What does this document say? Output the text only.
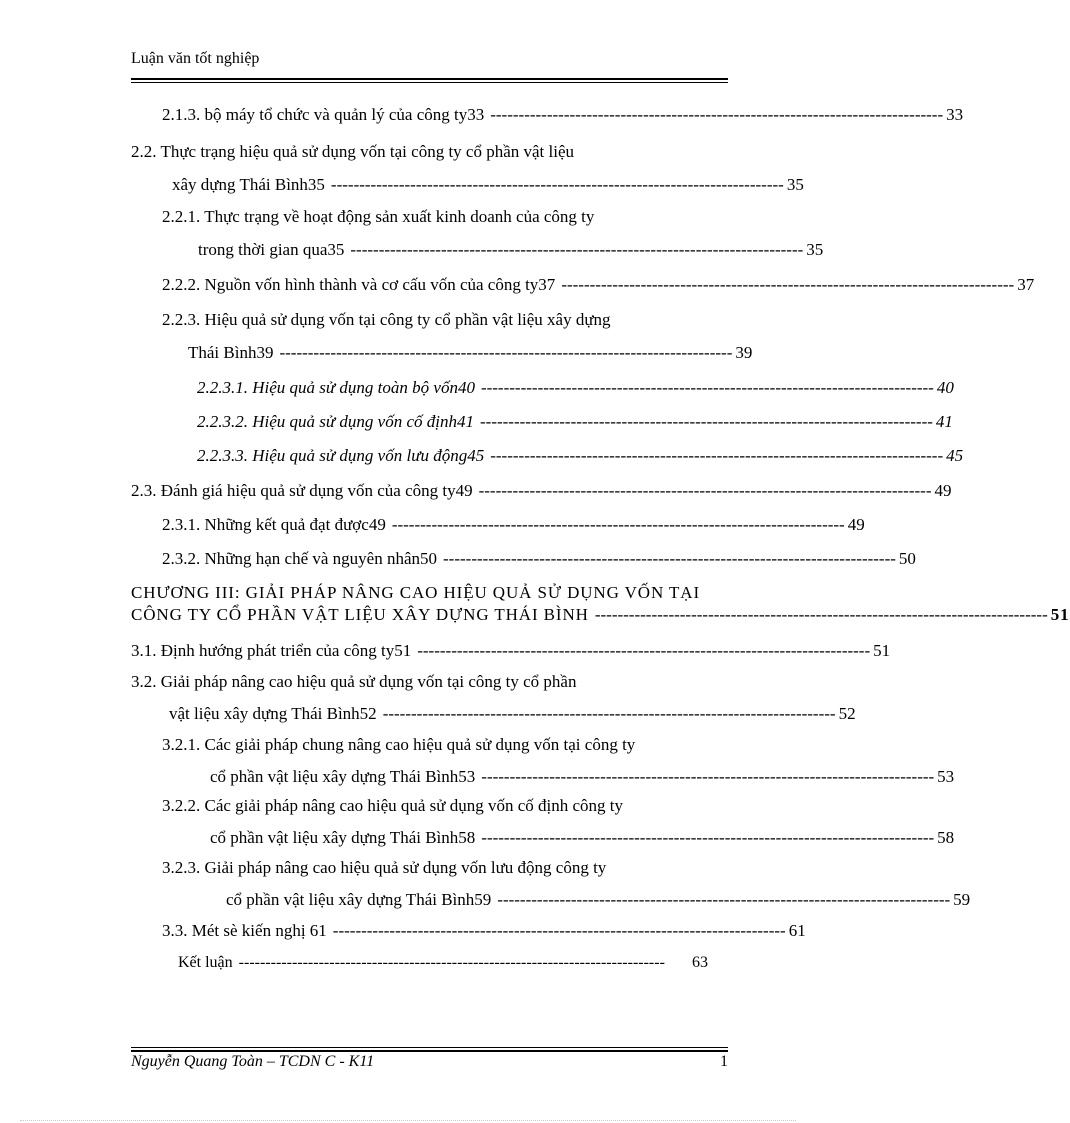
Luận văn tốt nghiệp
2.1.3. bộ máy tổ chức và quản lý của công ty33 -------------------------------------------------------------------------------- 33
2.2. Thực trạng hiệu quả sử dụng vốn tại công ty cổ phần vật liệu
xây dựng Thái Bình35 -------------------------------------------------------------------------------- 35
2.2.1. Thực trạng về hoạt động sản xuất kinh doanh của công ty
trong thời gian qua35 -------------------------------------------------------------------------------- 35
2.2.2. Nguồn vốn hình thành và cơ cấu vốn của công ty37 -------------------------------------------------------------------------------- 37
2.2.3. Hiệu quả sử dụng vốn tại công ty cổ phần vật liệu xây dựng
Thái Bình39 -------------------------------------------------------------------------------- 39
2.2.3.1. Hiệu quả sử dụng toàn bộ vốn40 -------------------------------------------------------------------------------- 40
2.2.3.2. Hiệu quả sử dụng vốn cố định41 -------------------------------------------------------------------------------- 41
2.2.3.3. Hiệu quả sử dụng vốn lưu động45 -------------------------------------------------------------------------------- 45
2.3. Đánh giá hiệu quả sử dụng vốn của công ty49 -------------------------------------------------------------------------------- 49
2.3.1. Những kết quả đạt được49 -------------------------------------------------------------------------------- 49
2.3.2. Những hạn chế và nguyên nhân50 -------------------------------------------------------------------------------- 50
CHƯƠNG III: GIẢI PHÁP NÂNG CAO HIỆU QUẢ SỬ DỤNG VỐN TẠI
CÔNG TY CỔ PHẦN VẬT LIỆU XÂY DỰNG THÁI BÌNH -------------------------------------------------------------------------------- 51
3.1. Định hướng phát triển của công ty51 -------------------------------------------------------------------------------- 51
3.2. Giải pháp nâng cao hiệu quả sử dụng vốn tại công ty cổ phần
vật liệu xây dựng Thái Bình52 -------------------------------------------------------------------------------- 52
3.2.1. Các giải pháp chung nâng cao hiệu quả sử dụng vốn tại công ty
cổ phần vật liệu xây dựng Thái Bình53 -------------------------------------------------------------------------------- 53
3.2.2. Các giải pháp nâng cao hiệu quả sử dụng vốn cố định công ty
cổ phần vật liệu xây dựng Thái Bình58 -------------------------------------------------------------------------------- 58
3.2.3. Giải pháp nâng cao hiệu quả sử dụng vốn lưu động công ty
cổ phần vật liệu xây dựng Thái Bình59 -------------------------------------------------------------------------------- 59
3.3. Mét sè kiến nghị 61 -------------------------------------------------------------------------------- 61
Kết luận --------------------------------------------------------------------------------	63
Nguyễn Quang Toàn – TCDN C - K11	1
